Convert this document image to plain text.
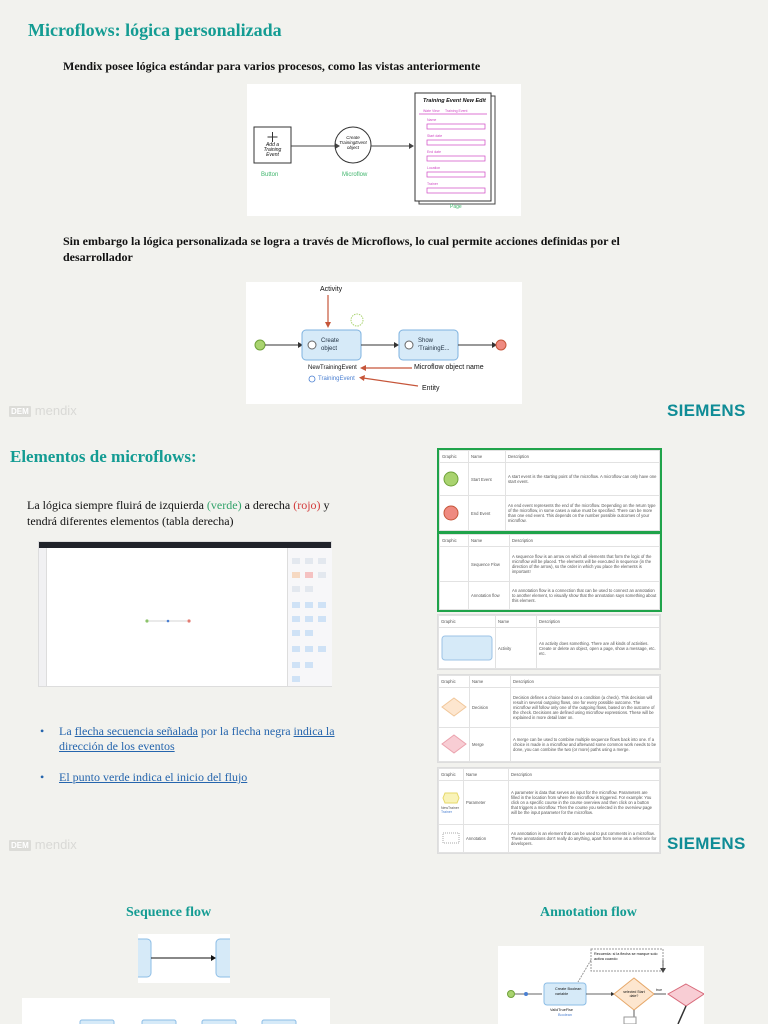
Microflows: lógica personalizada
Mendix posee lógica estándar para varios procesos, como las vistas anteriormente
Add a Training Event
Button
Create TrainingEvent object
Microflow
Training Event New Edit
Wate View Training Event
Name
Start date
End date
Location
Trainer
Page
Sin embargo la lógica personalizada se logra a través de Microflows, lo cual permite acciones definidas por el desarrollador
Activity
Create object
Show 'TrainingE...
NewTrainingEvent
TrainingEvent
Microflow object name
Entity
DEM mendix	SIEMENS
Elementos de microflows:
La lógica siempre fluirá de izquierda (verde) a derecha (rojo) y tendrá diferentes elementos (tabla derecha)
• La flecha secuencia señalada por la flecha negra indica la dirección de los eventos
• El punto verde indica el inicio del flujo
Graphic	Name	Description
	Start Event	A start event is the starting point of the microflow. A microflow can only have one start event.
	End Event	An end event represents the end of the microflow. Depending on the return type of the microflow, in some cases a value must be specified. There can be more than one end event. This depends on the number possible outcomes of your microflow.
Graphic	Name	Description
	Sequence Flow	A sequence flow is an arrow on which all elements that form the logic of the microflow will be placed. The elements will be executed in sequence (in the direction of the arrow), so the order in which you place the elements is important!
	Annotation flow	An annotation flow is a connection that can be used to connect an annotation to another element, to visually show that the annotation says something about this element.
Graphic	Name	Description
	Activity	An activity does something. There are all kinds of activities. Create or delete an object, open a page, show a message, etc. etc.
Graphic	Name	Description
	Decision	Decision defines a choice based on a condition (a check). This decision will result in several outgoing flows, one for every possible outcome. The microflow will follow only one of the outgoing flows, based on the outcome of the check. Decisions are defined using microflow expressions. These will be explained in more detail later on.
	Merge	A merge can be used to combine multiple sequence flows back into one. If a choice is made in a microflow and afterward some common work needs to be done, you can combine the two (or more) paths using a merge.
Graphic	Name	Description

NewTrainer
Trainer	Parameter	A parameter is data that serves as input for the microflow. Parameters are filled in the location from where the microflow is triggered. For example: You click on a specific course in the course overview and then click on a button that triggers a microflow. Then the course you selected in the overview page will be the input parameter for the microflow.
	Annotation	An annotation is an element that can be used to put comments in a microflow. These annotations don't really do anything, apart from serve as a reference for developers.
DEM mendix	SIEMENS
Sequence flow	Annotation flow
Recuerda: si la flecha se marque solo activa cuando
Create Boolean variable
ValidTrueFlse
Boolean
selected Start date?
true
